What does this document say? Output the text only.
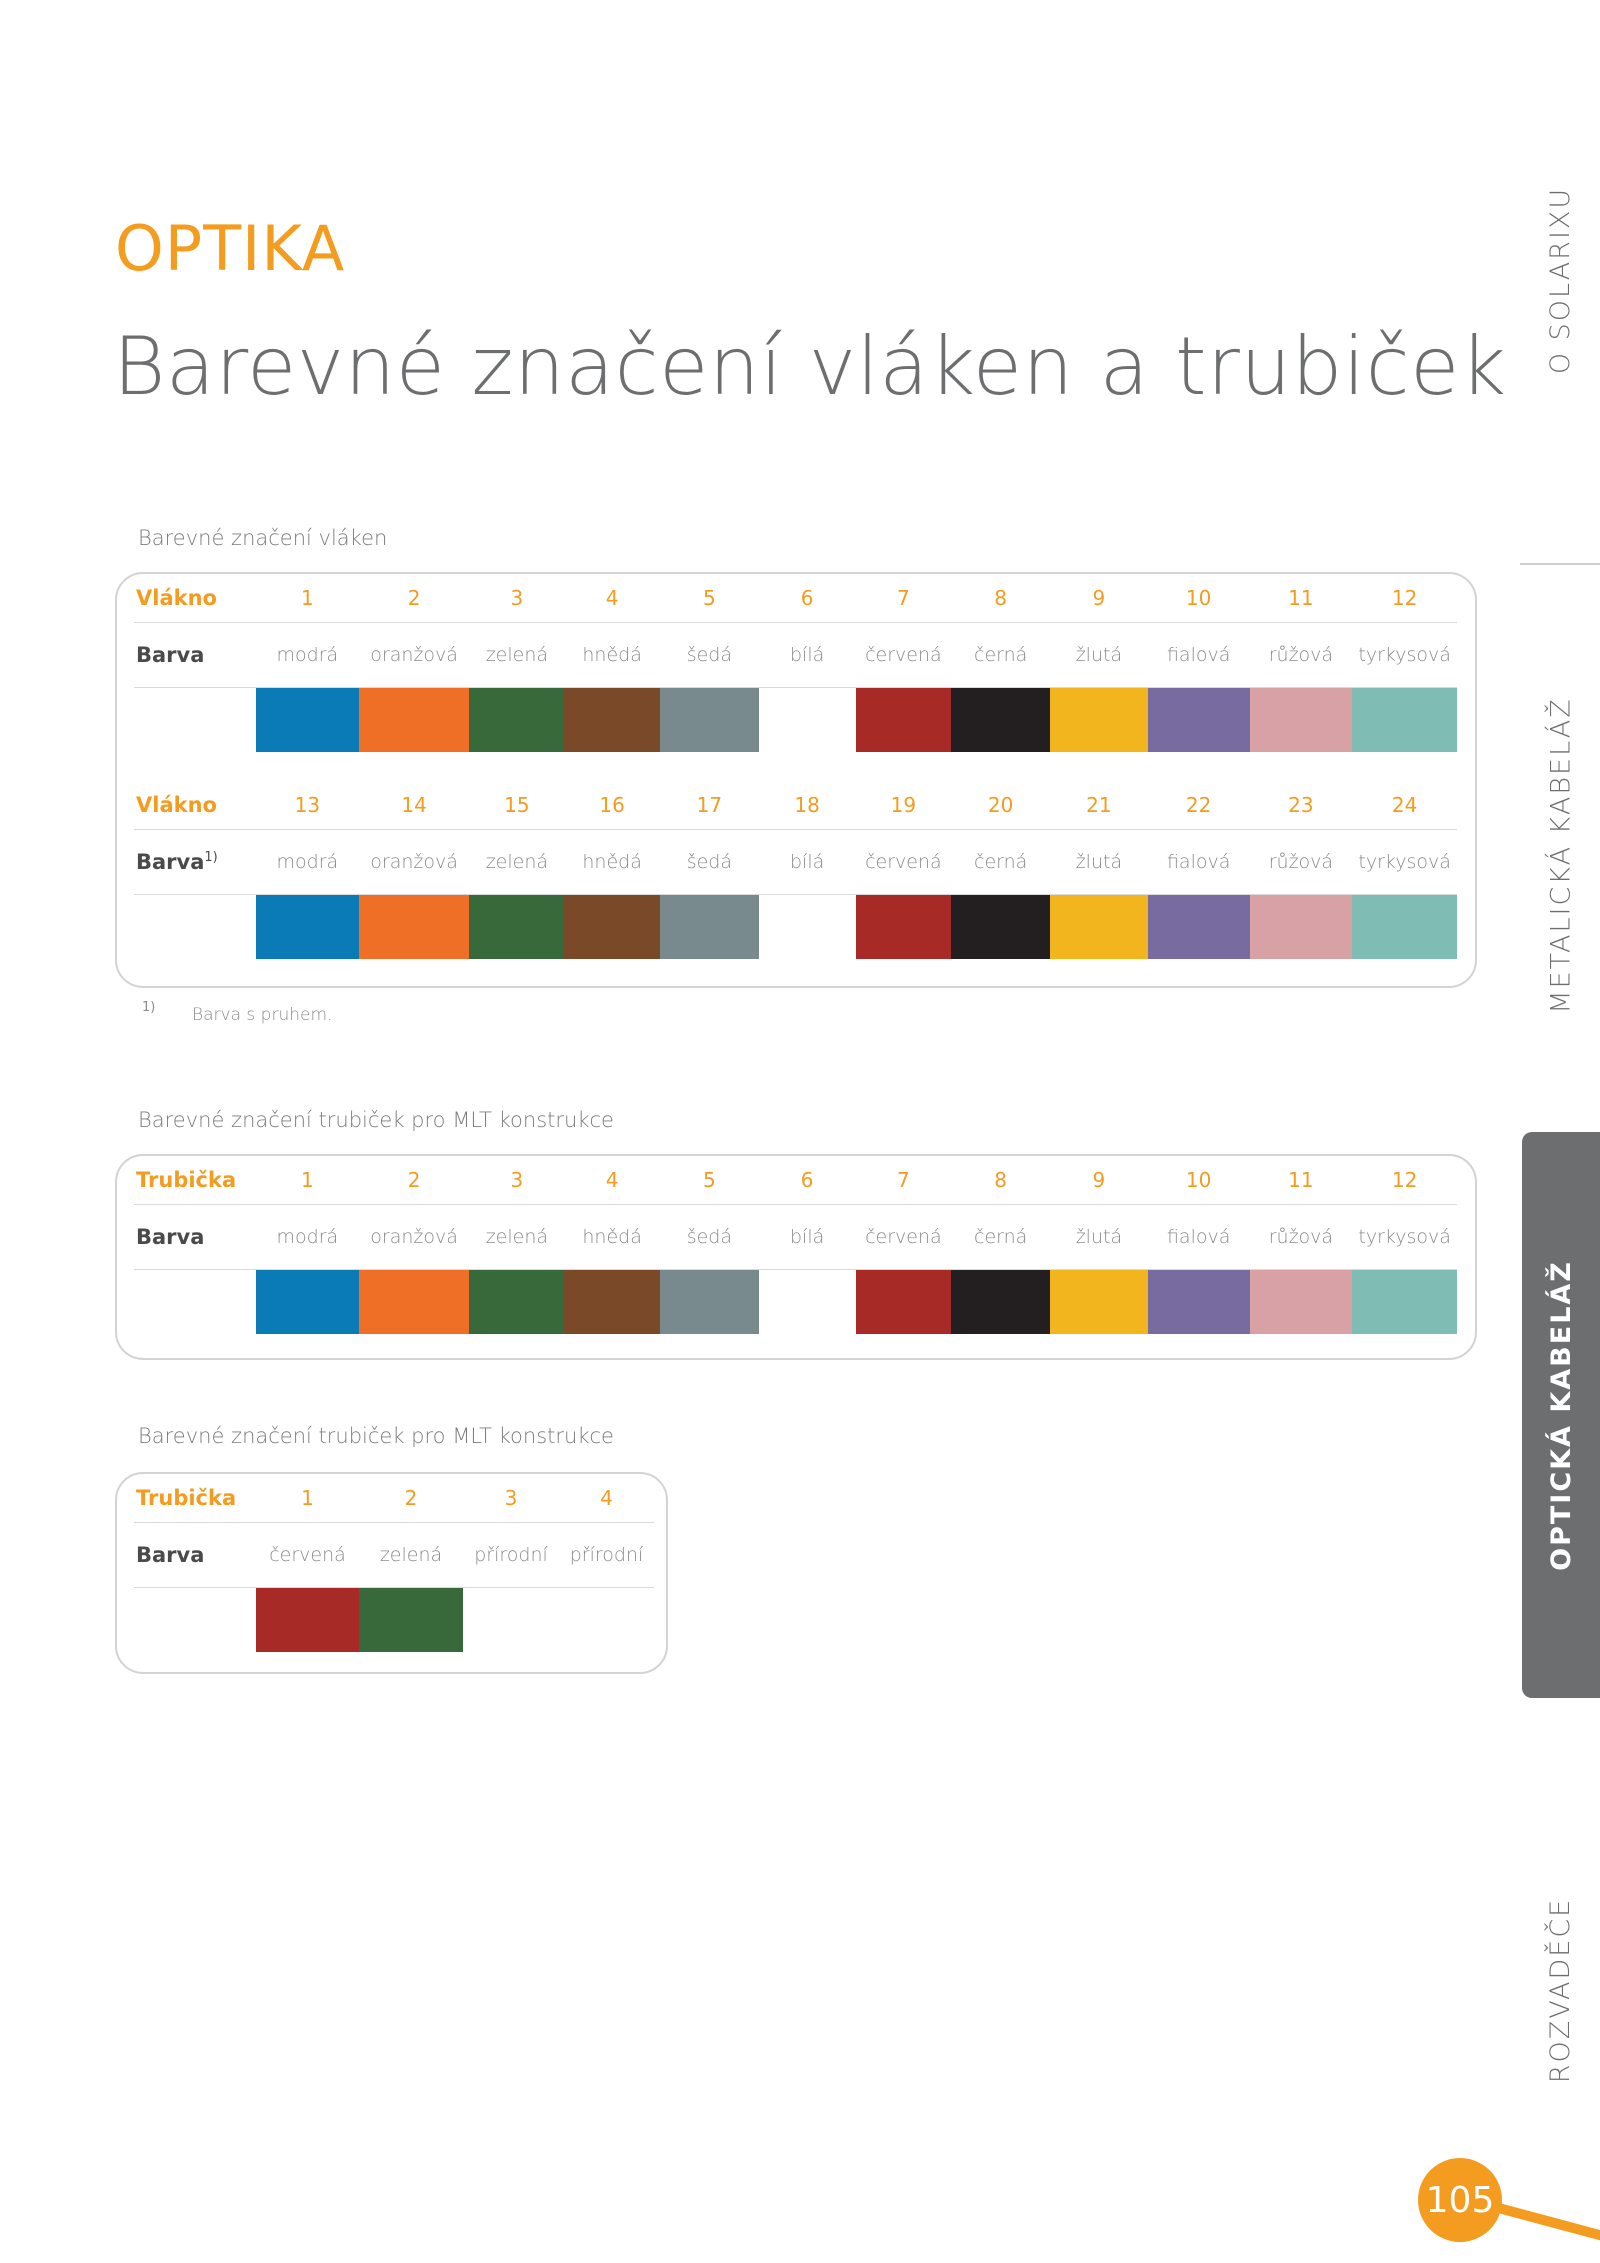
OPTIKA
Barevné značení vláken a trubiček
Barevné značení vláken
Vlákno	1	2	3	4	5	6	7	8	9	10	11	12
Barva	modrá	oranžová	zelená	hnědá	šedá	bílá	červená	černá	žlutá	fialová	růžová	tyrkysová
Vlákno	13	14	15	16	17	18	19	20	21	22	23	24
Barva$^{1)}$	modrá	oranžová	zelená	hnědá	šedá	bílá	červená	černá	žlutá	fialová	růžová	tyrkysová
1) Barva s pruhem.
Barevné značení trubiček pro MLT konstrukce
Trubička	1	2	3	4	5	6	7	8	9	10	11	12
Barva	modrá	oranžová	zelená	hnědá	šedá	bílá	červená	černá	žlutá	fialová	růžová	tyrkysová
Barevné značení trubiček pro MLT konstrukce
Trubička	1	2	3	4
Barva	červená	zelená	přírodní	přírodní
O SOLARIXU
METALICKÁ KABELÁŽ
OPTICKÁ KABELÁŽ
ROZVADĚČE
105
